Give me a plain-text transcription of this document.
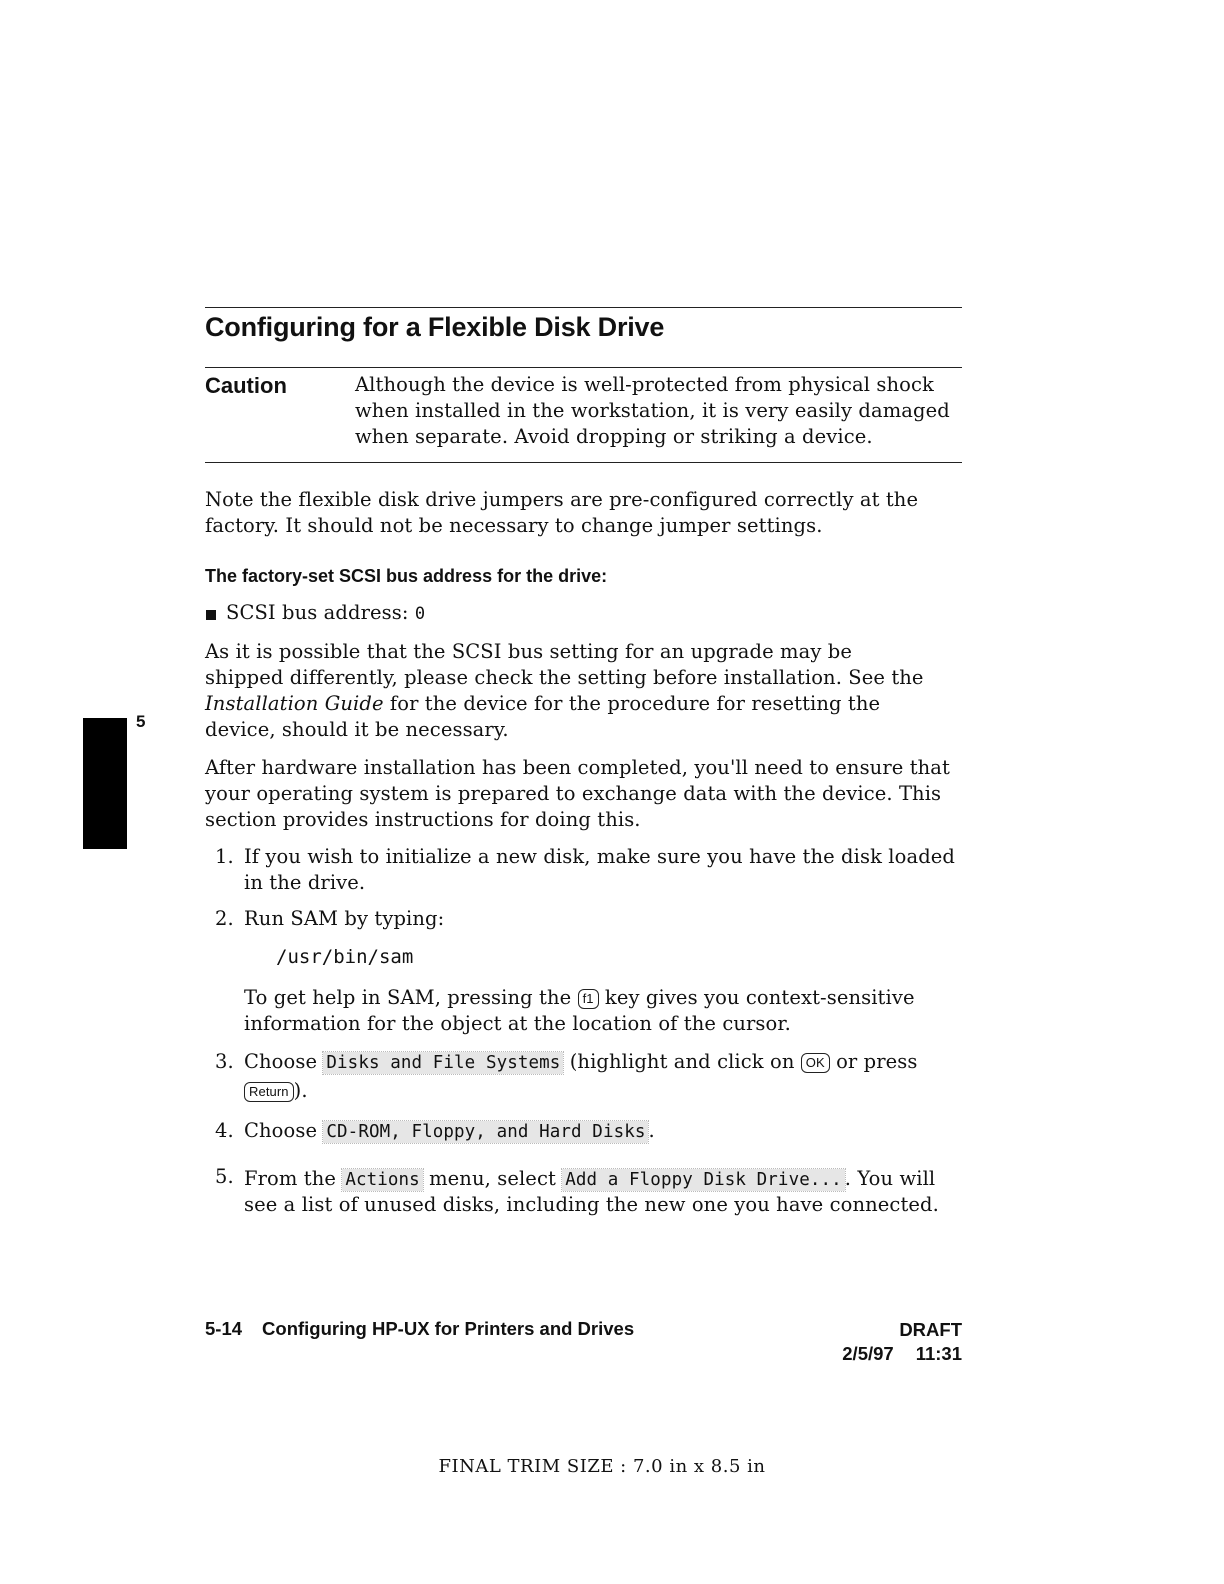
Configuring for a Flexible Disk Drive
Caution	Although the device is well-protected from physical shock when installed in the workstation, it is very easily damaged when separate. Avoid dropping or striking a device.
Note the flexible disk drive jumpers are pre-configured correctly at the factory. It should not be necessary to change jumper settings.
The factory-set SCSI bus address for the drive:
SCSI bus address: 0
As it is possible that the SCSI bus setting for an upgrade may be shipped differently, please check the setting before installation. See the Installation Guide for the device for the procedure for resetting the device, should it be necessary.
5
After hardware installation has been completed, you'll need to ensure that your operating system is prepared to exchange data with the device. This section provides instructions for doing this.
1. If you wish to initialize a new disk, make sure you have the disk loaded in the drive.
2. Run SAM by typing:
/usr/bin/sam
To get help in SAM, pressing the f1 key gives you context-sensitive information for the object at the location of the cursor.
3. Choose Disks and File Systems (highlight and click on OK or press
Return ).
4. Choose CD-ROM, Floppy, and Hard Disks .
5. From the Actions menu, select Add a Floppy Disk Drive... . You will
see a list of unused disks, including the new one you have connected.
5-14 Configuring HP-UX for Printers and Drives	DRAFT
2/5/97 11:31
FINAL TRIM SIZE : 7.0 in x 8.5 in
